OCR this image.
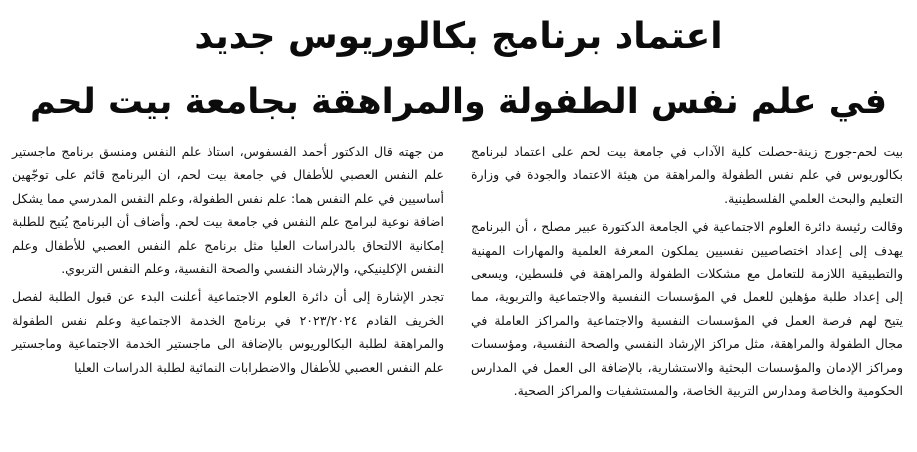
اعتماد برنامج بكالوريوس جديد
في علم نفس الطفولة والمراهقة بجامعة بيت لحم

بيت لحم-جورج زينة-حصلت كلية الآداب في جامعة بيت لحم على اعتماد لبرنامج بكالوريوس في علم نفس الطفولة والمراهقة من هيئة الاعتماد والجودة في وزارة التعليم والبحث العلمي الفلسطينية.

وقالت رئيسة دائرة العلوم الاجتماعية في الجامعة الدكتورة عبير مصلح ، أن البرنامج يهدف إلى إعداد اختصاصيين نفسيين يملكون المعرفة العلمية والمهارات المهنية والتطبيقية اللازمة للتعامل مع مشكلات الطفولة والمراهقة في فلسطين، ويسعى إلى إعداد طلبة مؤهلين للعمل في المؤسسات النفسية والاجتماعية والتربوية، مما يتيح لهم فرصة العمل في المؤسسات النفسية والاجتماعية والمراكز العاملة في مجال الطفولة والمراهقة، مثل مراكز الإرشاد النفسي والصحة النفسية، ومؤسسات ومراكز الإدمان والمؤسسات البحثية والاستشارية، بالإضافة الى العمل في المدارس الحكومية والخاصة ومدارس التربية الخاصة، والمستشفيات والمراكز الصحية.

من جهته قال الدكتور أحمد الفسفوس، استاذ علم النفس ومنسق برنامج ماجستير علم النفس العصبي للأطفال في جامعة بيت لحم، ان البرنامج قائم على توجّهين أساسيين في علم النفس هما: علم نفس الطفولة، وعلم النفس المدرسي مما يشكل اضافة نوعية لبرامج علم النفس في جامعة بيت لحم. وأضاف أن البرنامج يُتيح للطلبة إمكانية الالتحاق بالدراسات العليا مثل برنامج علم النفس العصبي للأطفال وعلم النفس الإكلينيكي، والإرشاد النفسي والصحة النفسية، وعلم النفس التربوي.

تجدر الإشارة إلى أن دائرة العلوم الاجتماعية أعلنت البدء عن قبول الطلبة لفصل الخريف القادم ٢٠٢٣/٢٠٢٤ في برنامج الخدمة الاجتماعية وعلم نفس الطفولة والمراهقة لطلبة البكالوريوس بالإضافة الى ماجستير الخدمة الاجتماعية وماجستير علم النفس العصبي للأطفال والاضطرابات النمائية لطلبة الدراسات العليا
